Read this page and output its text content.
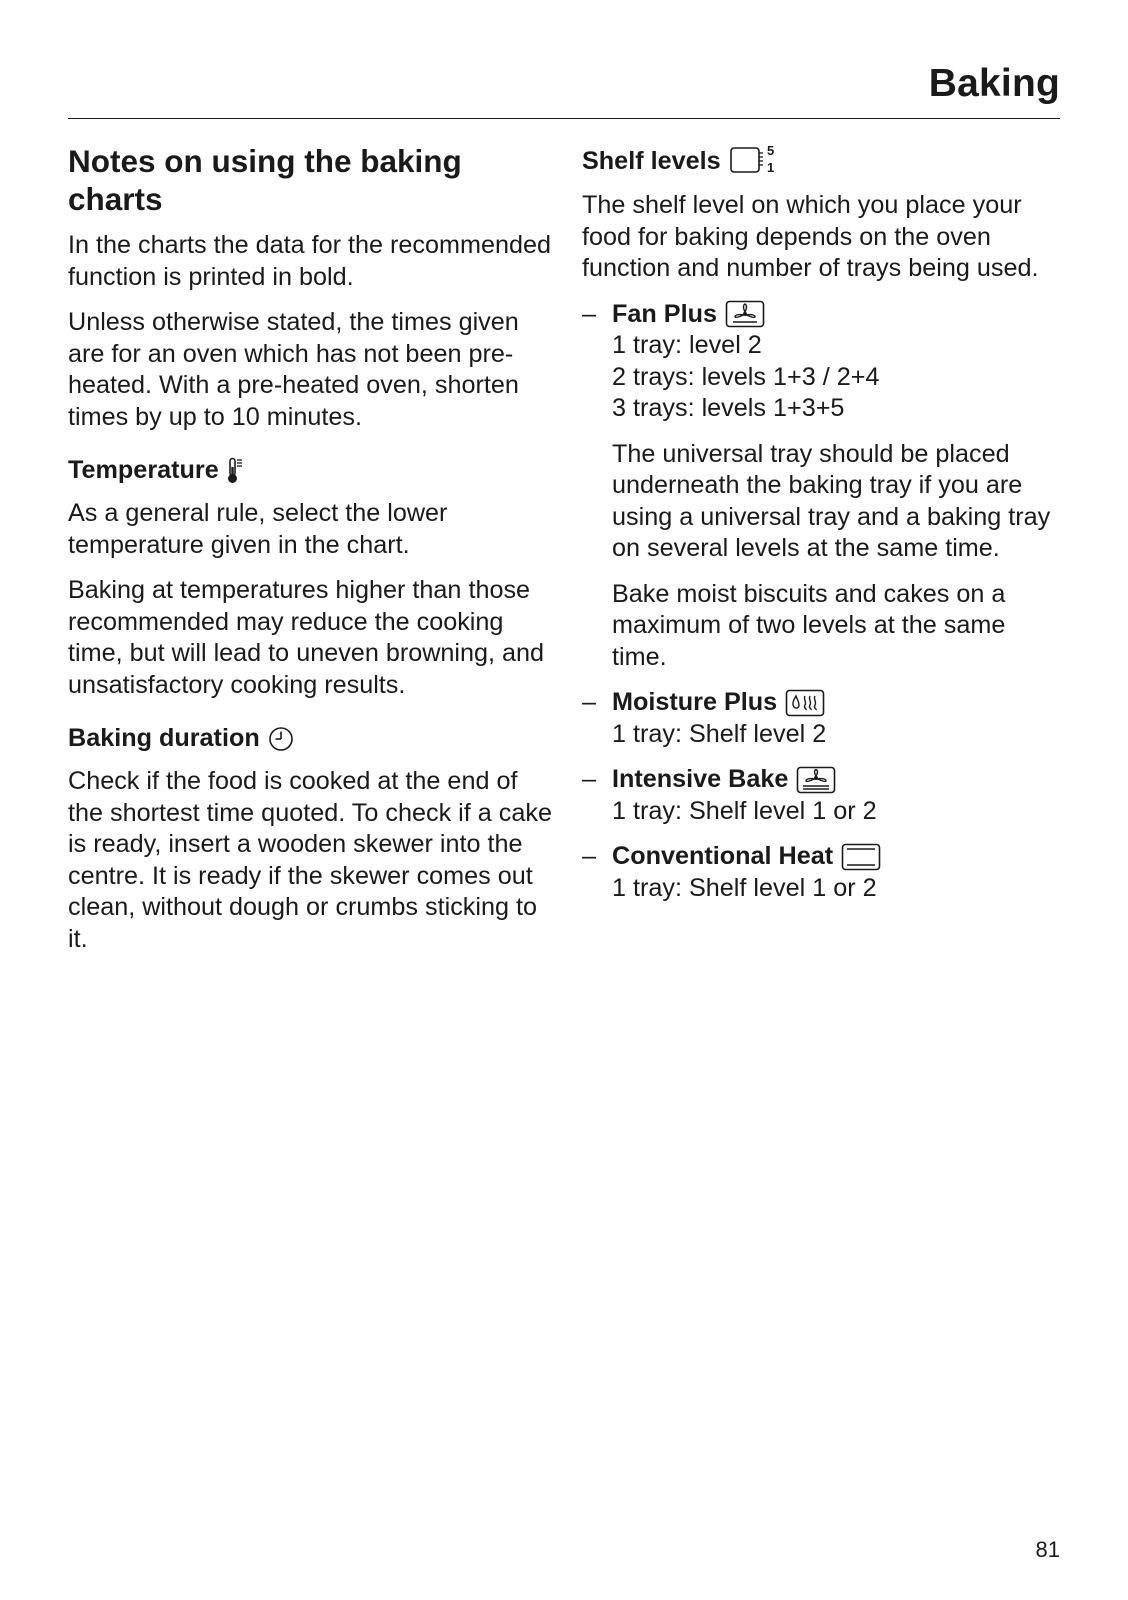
Baking
Notes on using the baking charts

In the charts the data for the recommended function is printed in bold.

Unless otherwise stated, the times given are for an oven which has not been pre-heated. With a pre-heated oven, shorten times by up to 10 minutes.

Temperature

As a general rule, select the lower temperature given in the chart.

Baking at temperatures higher than those recommended may reduce the cooking time, but will lead to uneven browning, and unsatisfactory cooking results.

Baking duration

Check if the food is cooked at the end of the shortest time quoted. To check if a cake is ready, insert a wooden skewer into the centre. It is ready if the skewer comes out clean, without dough or crumbs sticking to it.

Shelf levels	5
1

The shelf level on which you place your food for baking depends on the oven function and number of trays being used.

– Fan Plus
1 tray: level 2
2 trays: levels 1+3 / 2+4
3 trays: levels 1+3+5

The universal tray should be placed underneath the baking tray if you are using a universal tray and a baking tray on several levels at the same time.

Bake moist biscuits and cakes on a maximum of two levels at the same time.

– Moisture Plus
1 tray: Shelf level 2
– Intensive Bake
1 tray: Shelf level 1 or 2
– Conventional Heat
1 tray: Shelf level 1 or 2
81
